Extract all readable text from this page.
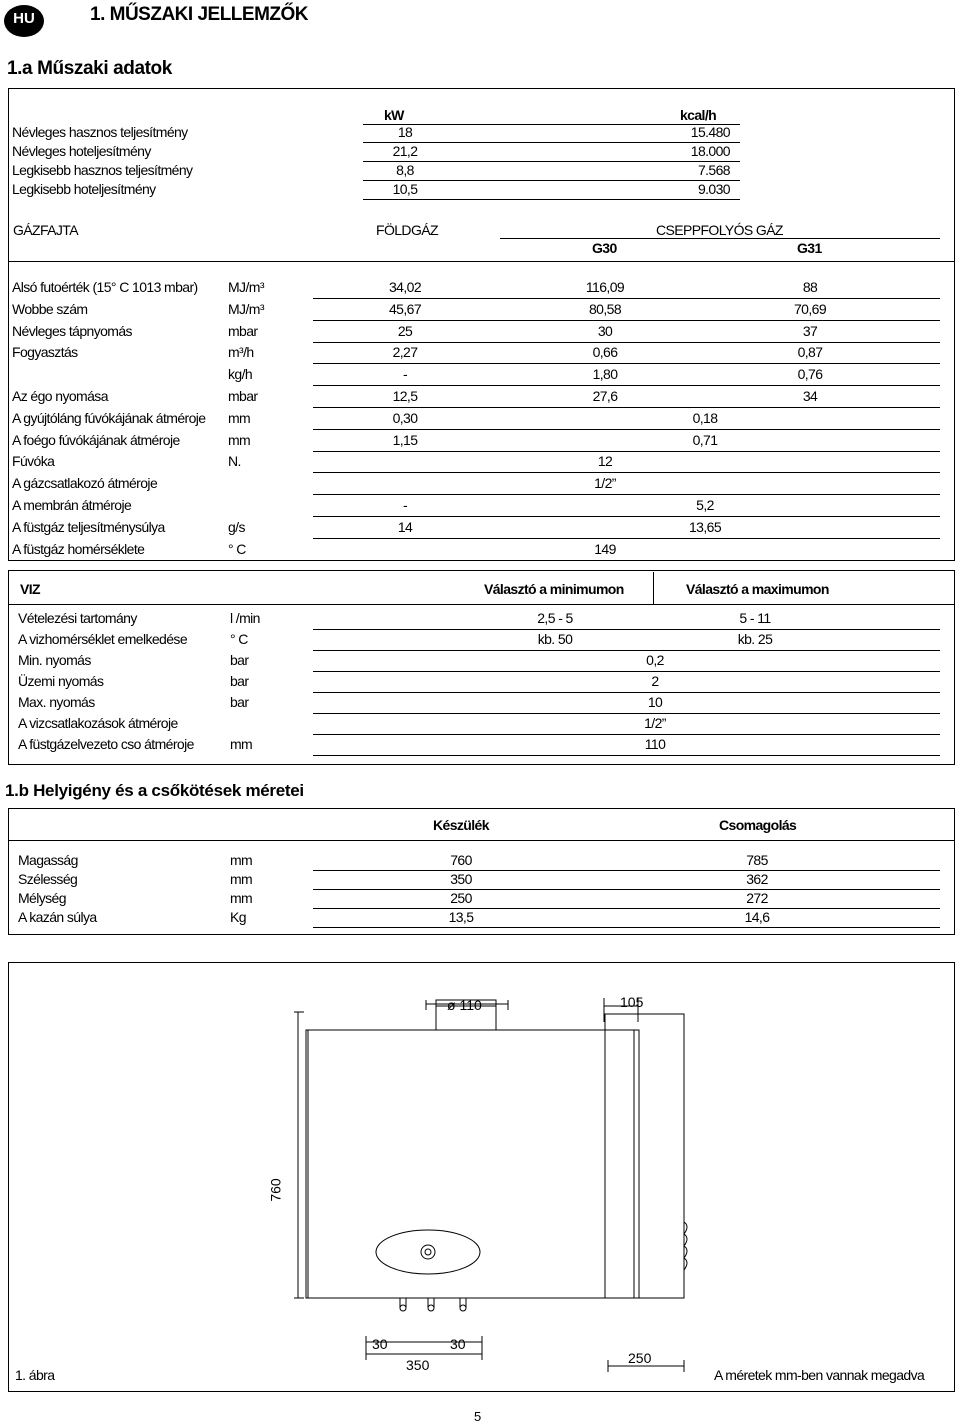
HU	1. MŰSZAKI JELLEMZŐK
1.a Műszaki adatok
kW	kcal/h
Névleges hasznos teljesítmény	18	15.480
Névleges hoteljesítmény	21,2	18.000
Legkisebb hasznos teljesítmény	8,8	7.568
Legkisebb hoteljesítmény	10,5	9.030
GÁZFAJTA	FÖLDGÁZ	CSEPPFOLYÓS GÁZ
G30	G31
Alsó futoérték (15° C 1013 mbar) MJ/m³	34,02	116,09	88
Wobbe szám	MJ/m³	45,67	80,58	70,69
Névleges tápnyomás	mbar	25	30	37
Fogyasztás	m³/h	2,27	0,66	0,87
kg/h	-	1,80	0,76
Az égo nyomása	mbar	12,5	27,6	34
A gyújtóláng fúvókájának átméroje mm	0,30	0,18
A foégo fúvókájának átméroje	mm	1,15	0,71
Fúvóka	N.	12
A gázcsatlakozó átméroje	1/2”
A membrán átméroje	-	5,2
A füstgáz teljesítménysúlya	g/s	14	13,65
A füstgáz homérséklete	° C	149
VIZ	Választó a minimumon	Választó a maximumon
Vételezési tartomány	l /min	2,5 - 5	5 - 11
A vizhomérséklet emelkedése	° C	kb. 50	kb. 25
Min. nyomás	bar	0,2
Üzemi nyomás	bar	2
Max. nyomás	bar	10
A vizcsatlakozások átméroje	1/2”
A füstgázelvezeto cso átméroje	mm	110
1.b Helyigény és a csőkötések méretei
Készülék	Csomagolás
Magasság	mm	760	785
Szélesség	mm	350	362
Mélység	mm	250	272
A kazán súlya	Kg	13,5	14,6
ø 110	105
760
30	30
350	250
1. ábra	A méretek mm-ben vannak megadva
5
